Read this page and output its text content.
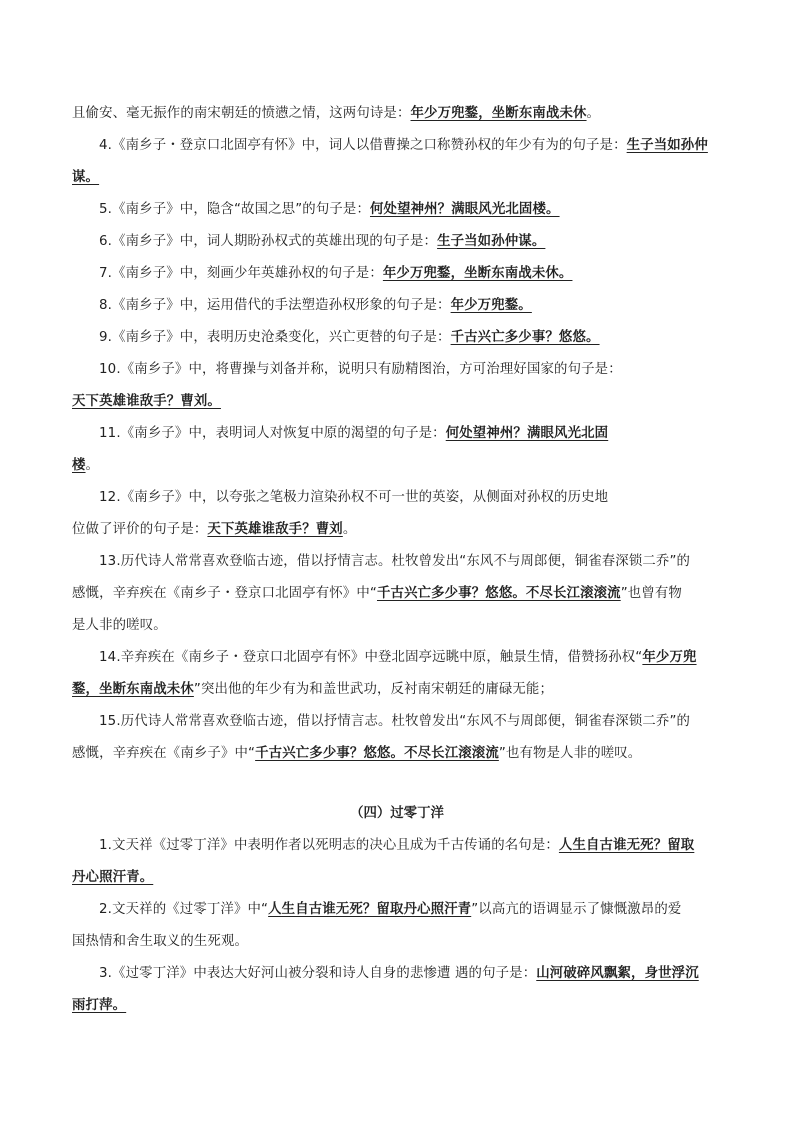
且偷安、毫无振作的南宋朝廷的愤懑之情，这两句诗是：年少万兜鍪，坐断东南战未休。
4.《南乡子・登京口北固亭有怀》中，词人以借曹操之口称赞孙权的年少有为的句子是：生子当如孙仲
谋。
5.《南乡子》中，隐含“故国之思”的句子是：何处望神州？满眼风光北固楼。
6.《南乡子》中，词人期盼孙权式的英雄出现的句子是：生子当如孙仲谋。
7.《南乡子》中，刻画少年英雄孙权的句子是：年少万兜鍪，坐断东南战未休。
8.《南乡子》中，运用借代的手法塑造孙权形象的句子是：年少万兜鍪。
9.《南乡子》中，表明历史沧桑变化，兴亡更替的句子是：千古兴亡多少事？悠悠。
10.《南乡子》中，将曹操与刘备并称，说明只有励精图治，方可治理好国家的句子是：
天下英雄谁敌手？曹刘。
11.《南乡子》中，表明词人对恢复中原的渴望的句子是：何处望神州？满眼风光北固
楼。
12.《南乡子》中，以夸张之笔极力渲染孙权不可一世的英姿，从侧面对孙权的历史地
位做了评价的句子是：天下英雄谁敌手？曹刘。
13.历代诗人常常喜欢登临古迹，借以抒情言志。杜牧曾发出“东风不与周郎便，铜雀春深锁二乔”的
感慨，辛弃疾在《南乡子・登京口北固亭有怀》中“千古兴亡多少事？悠悠。不尽长江滚滚流”也曾有物
是人非的嗟叹。
14.辛弃疾在《南乡子・登京口北固亭有怀》中登北固亭远眺中原，触景生情，借赞扬孙权“年少万兜
鍪，坐断东南战未休”突出他的年少有为和盖世武功，反衬南宋朝廷的庸碌无能；
15.历代诗人常常喜欢登临古迹，借以抒情言志。杜牧曾发出“东风不与周郎便，铜雀春深锁二乔”的
感慨，辛弃疾在《南乡子》中“千古兴亡多少事？悠悠。不尽长江滚滚流”也有物是人非的嗟叹。
（四）过零丁洋
1.文天祥《过零丁洋》中表明作者以死明志的决心且成为千古传诵的名句是：人生自古谁无死？留取
丹心照汗青。
2.文天祥的《过零丁洋》中“人生自古谁无死？留取丹心照汗青”以高亢的语调显示了慷慨激昂的爱
国热情和舍生取义的生死观。
3.《过零丁洋》中表达大好河山被分裂和诗人自身的悲惨遭 遇的句子是：山河破碎风飘絮，身世浮沉
雨打萍。
